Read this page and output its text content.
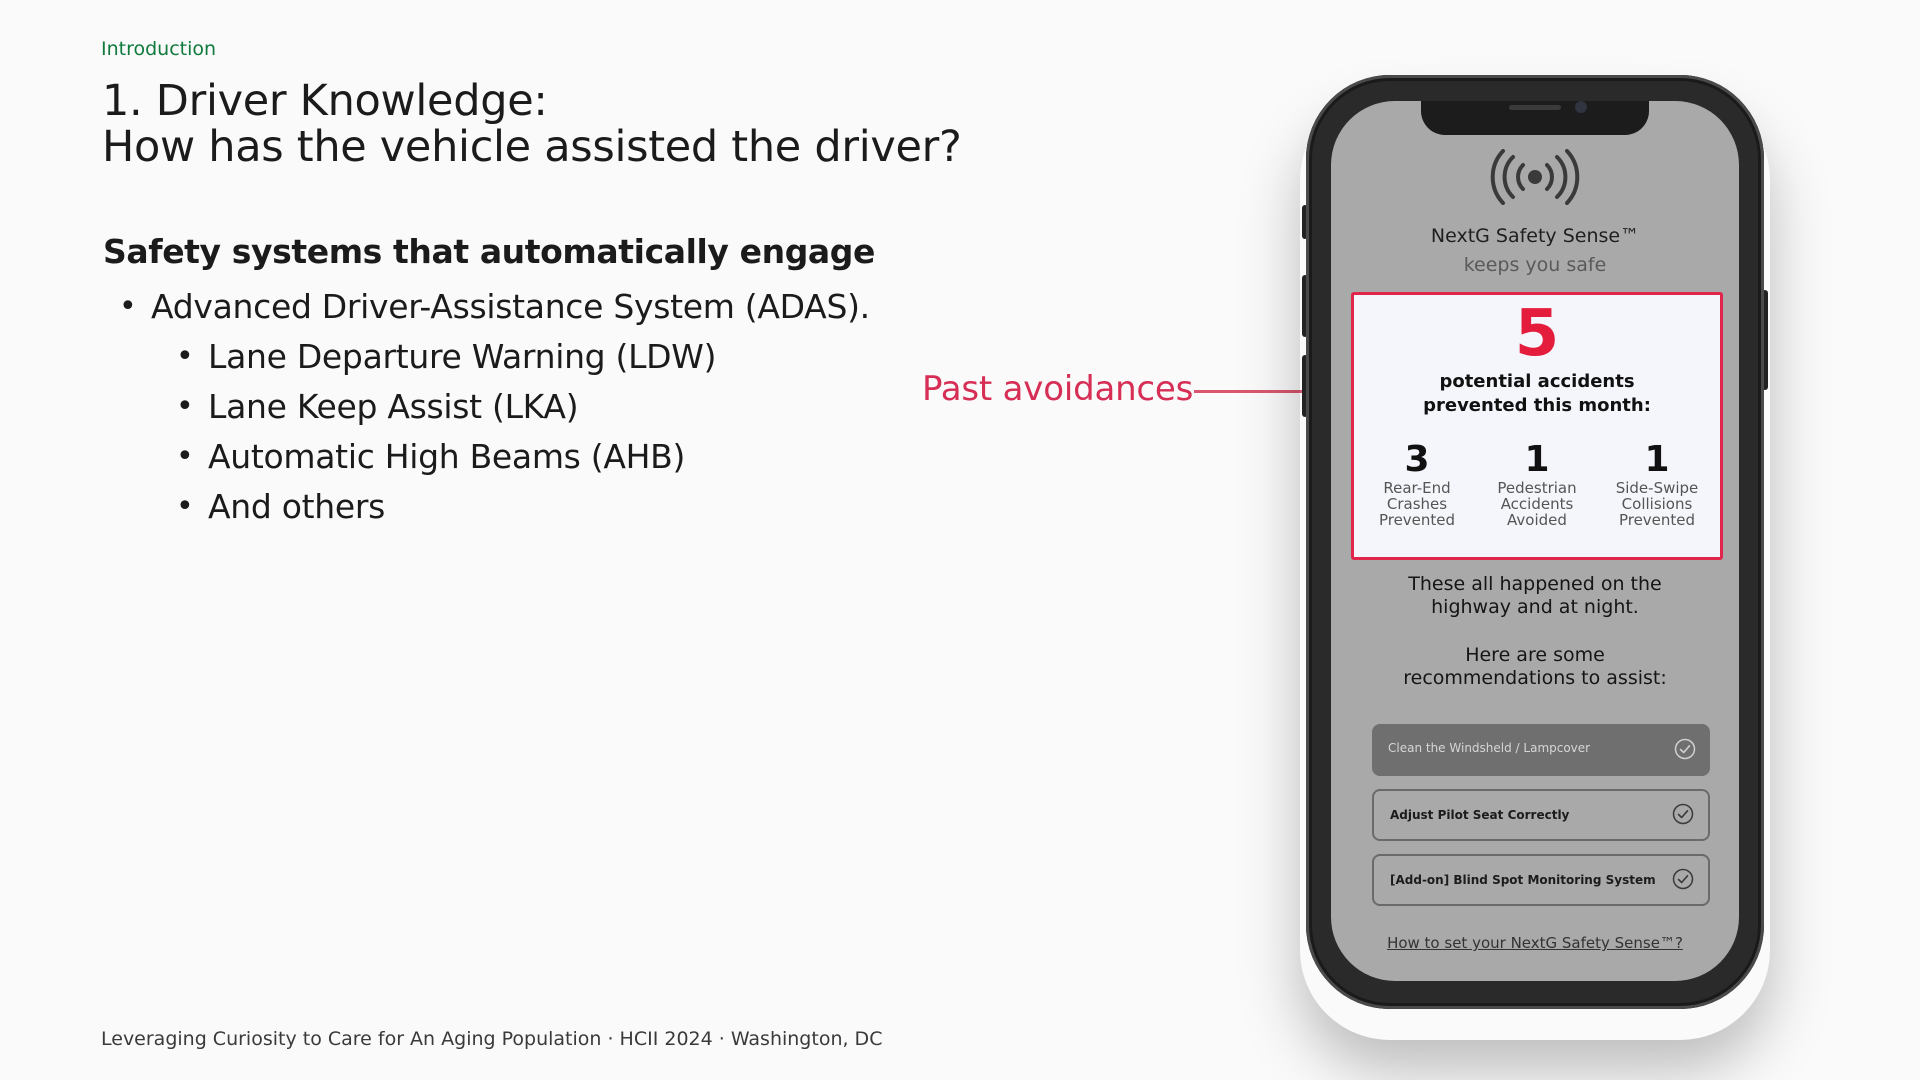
Introduction
1. Driver Knowledge:
How has the vehicle assisted the driver?
Safety systems that automatically engage
• Advanced Driver-Assistance System (ADAS).
• Lane Departure Warning (LDW)
• Lane Keep Assist (LKA)
• Automatic High Beams (AHB)
• And others
Past avoidances
Leveraging Curiosity to Care for An Aging Population · HCII 2024 · Washington, DC
NextG Safety Sense™
keeps you safe
5
potential accidents
prevented this month:
3
Rear-End
Crashes
Prevented
1
Pedestrian
Accidents
Avoided
1
Side-Swipe
Collisions
Prevented
These all happened on the
highway and at night.
Here are some
recommendations to assist:
Clean the Windsheld / Lampcover
Adjust Pilot Seat Correctly
[Add-on] Blind Spot Monitoring System
How to set your NextG Safety Sense™?
